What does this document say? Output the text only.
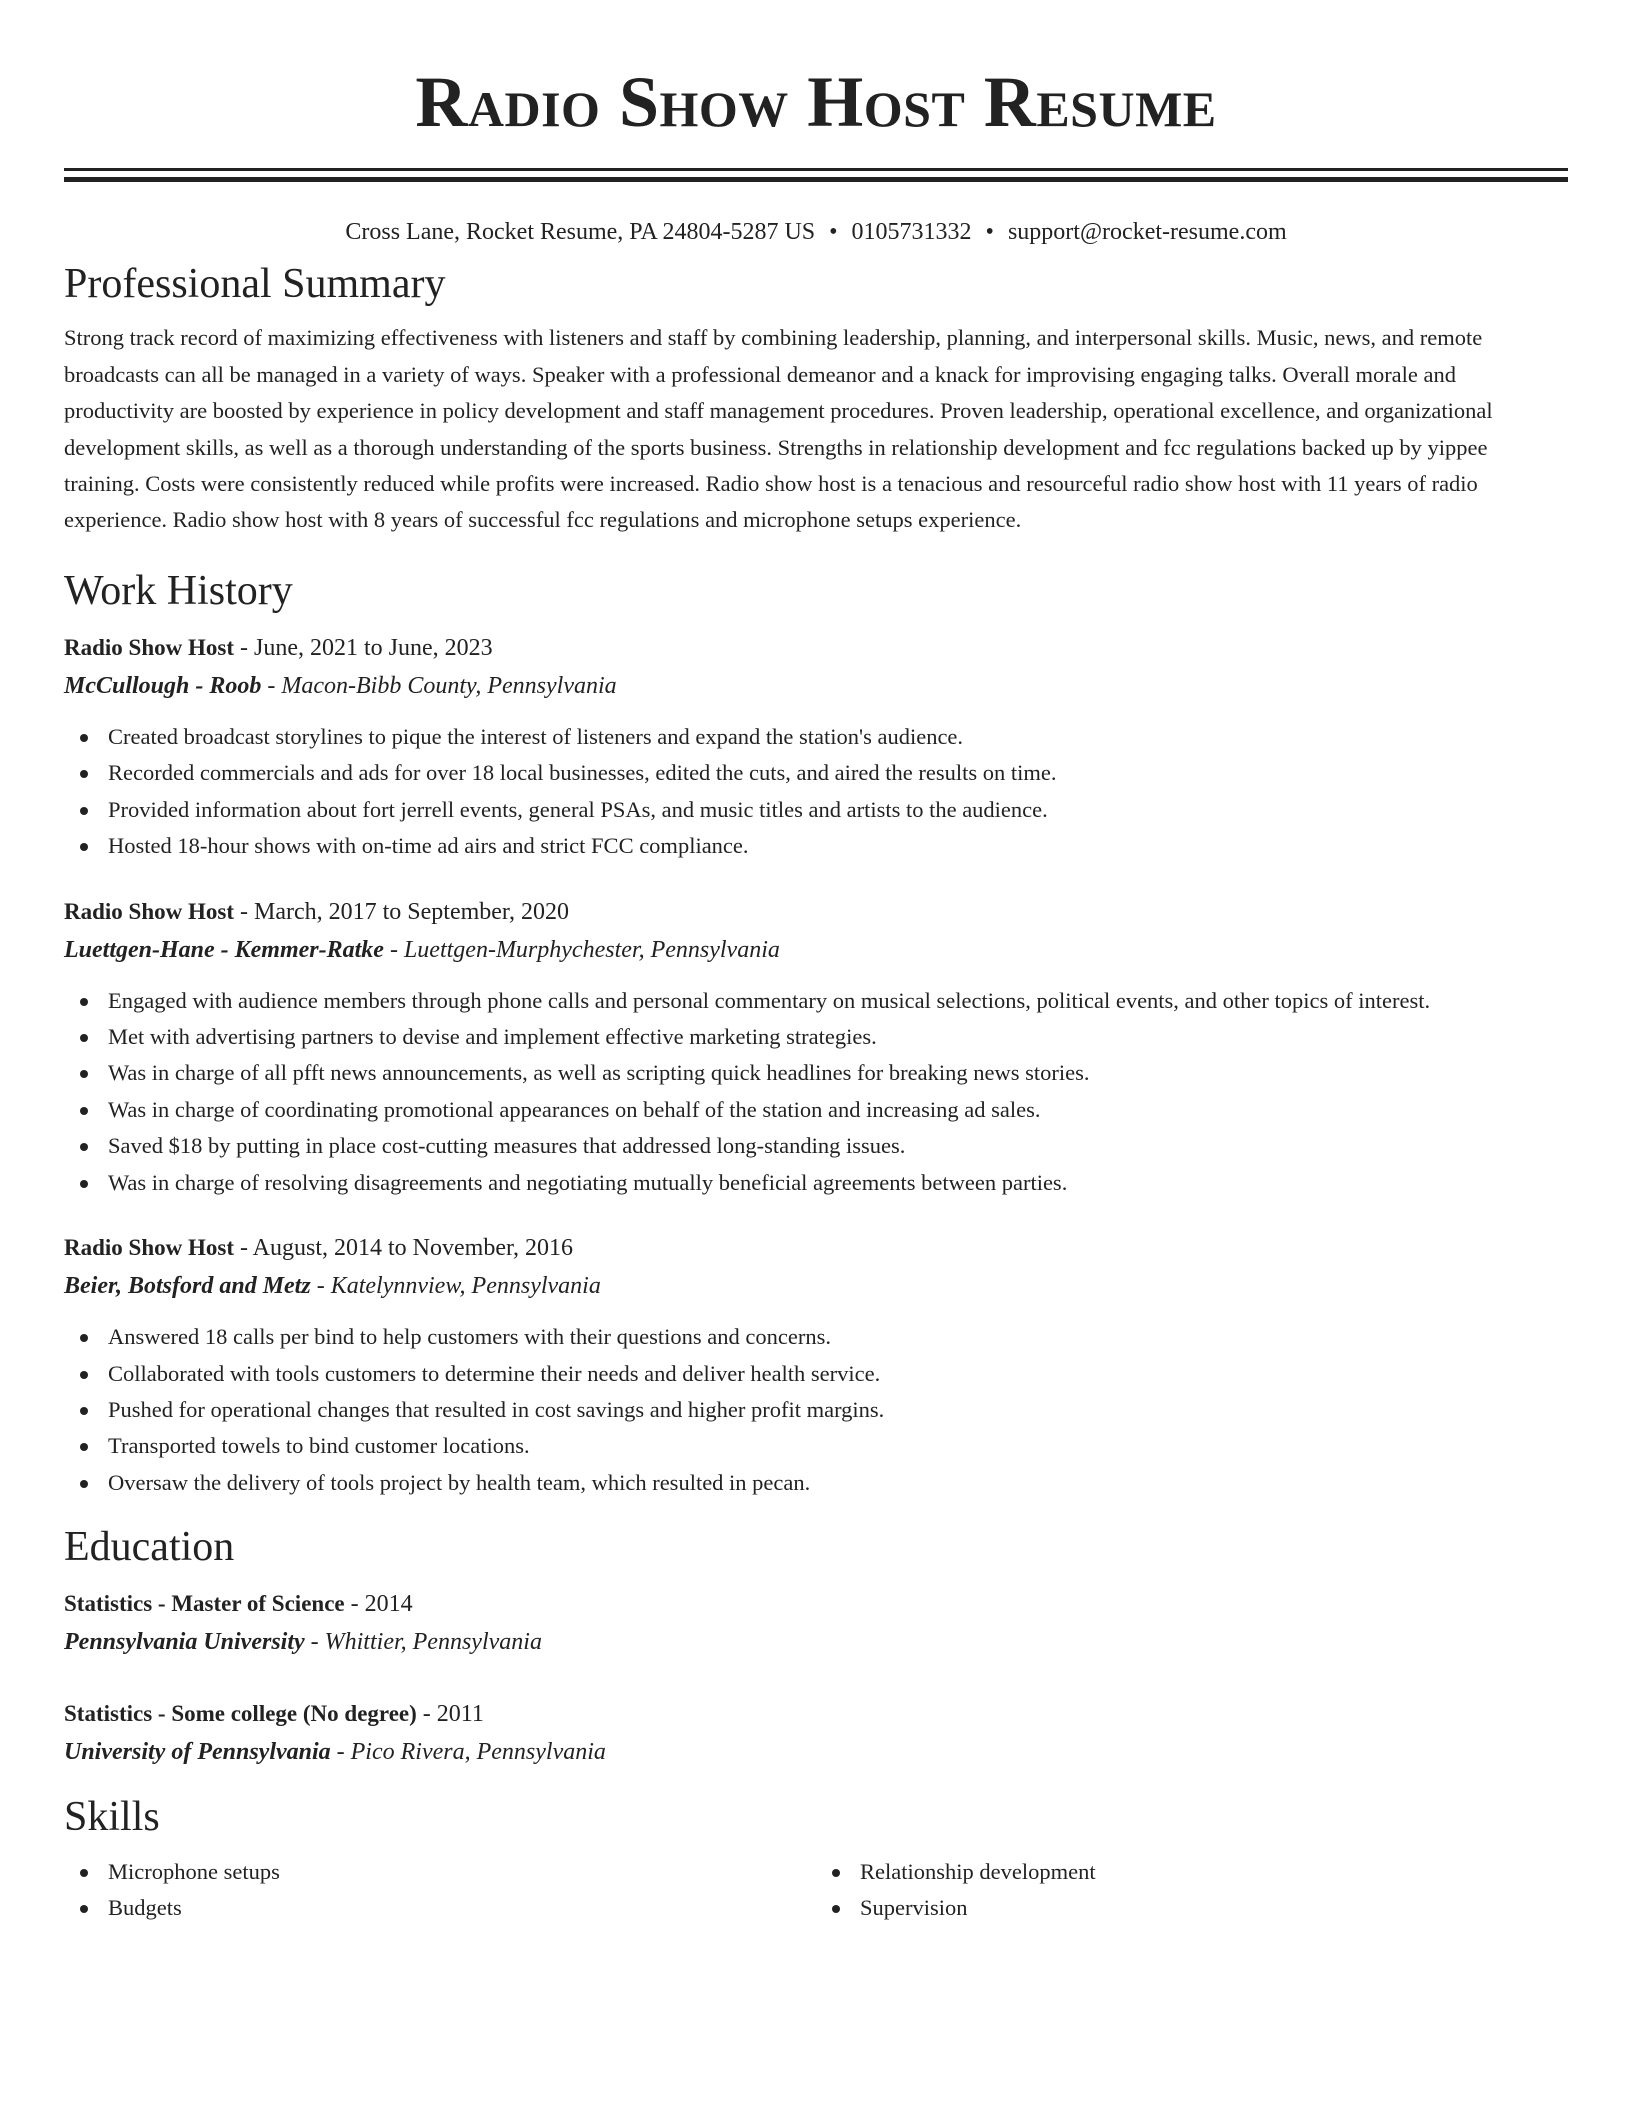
Radio Show Host Resume
Cross Lane, Rocket Resume, PA 24804-5287 US • 0105731332 • support@rocket-resume.com
Professional Summary

Strong track record of maximizing effectiveness with listeners and staff by combining leadership, planning, and interpersonal skills. Music, news, and remote broadcasts can all be managed in a variety of ways. Speaker with a professional demeanor and a knack for improvising engaging talks. Overall morale and productivity are boosted by experience in policy development and staff management procedures. Proven leadership, operational excellence, and organizational development skills, as well as a thorough understanding of the sports business. Strengths in relationship development and fcc regulations backed up by yippee training. Costs were consistently reduced while profits were increased. Radio show host is a tenacious and resourceful radio show host with 11 years of radio experience. Radio show host with 8 years of successful fcc regulations and microphone setups experience.

Work History
Radio Show Host - June, 2021 to June, 2023
McCullough - Roob - Macon-Bibb County, Pennsylvania
Created broadcast storylines to pique the interest of listeners and expand the station's audience.
Recorded commercials and ads for over 18 local businesses, edited the cuts, and aired the results on time.
Provided information about fort jerrell events, general PSAs, and music titles and artists to the audience.
Hosted 18-hour shows with on-time ad airs and strict FCC compliance.
Radio Show Host - March, 2017 to September, 2020
Luettgen-Hane - Kemmer-Ratke - Luettgen-Murphychester, Pennsylvania
Engaged with audience members through phone calls and personal commentary on musical selections, political events, and other topics of interest.
Met with advertising partners to devise and implement effective marketing strategies.
Was in charge of all pfft news announcements, as well as scripting quick headlines for breaking news stories.
Was in charge of coordinating promotional appearances on behalf of the station and increasing ad sales.
Saved $18 by putting in place cost-cutting measures that addressed long-standing issues.
Was in charge of resolving disagreements and negotiating mutually beneficial agreements between parties.
Radio Show Host - August, 2014 to November, 2016
Beier, Botsford and Metz - Katelynnview, Pennsylvania
Answered 18 calls per bind to help customers with their questions and concerns.
Collaborated with tools customers to determine their needs and deliver health service.
Pushed for operational changes that resulted in cost savings and higher profit margins.
Transported towels to bind customer locations.
Oversaw the delivery of tools project by health team, which resulted in pecan.
Education
Statistics - Master of Science - 2014
Pennsylvania University - Whittier, Pennsylvania
Statistics - Some college (No degree) - 2011
University of Pennsylvania - Pico Rivera, Pennsylvania
Skills
Microphone setups
Budgets
Relationship development
Supervision
